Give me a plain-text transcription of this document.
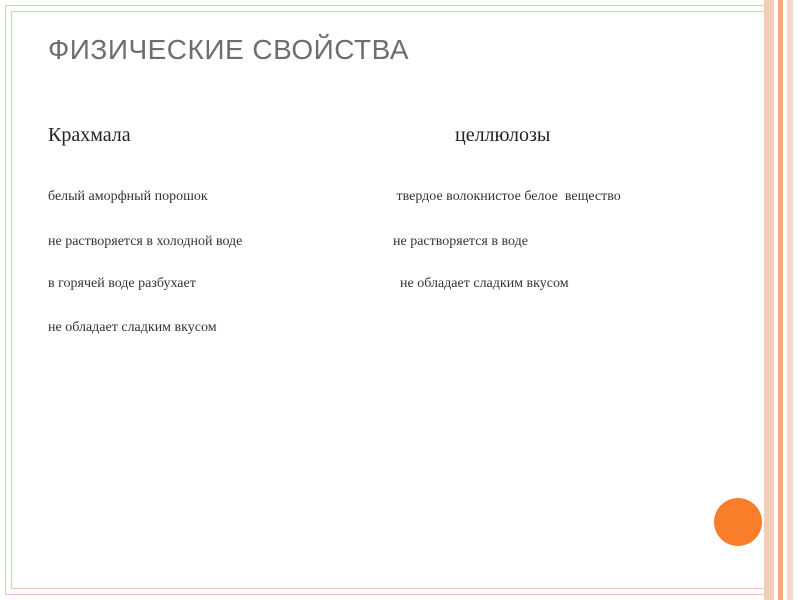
ФИЗИЧЕСКИЕ СВОЙСТВА
Крахмала	целлюлозы
белый аморфный порошок
не растворяется в холодной воде
в горячей воде разбухает
не обладает сладким вкусом
твердое волокнистое белое  вещество
не растворяется в воде
не обладает сладким вкусом
